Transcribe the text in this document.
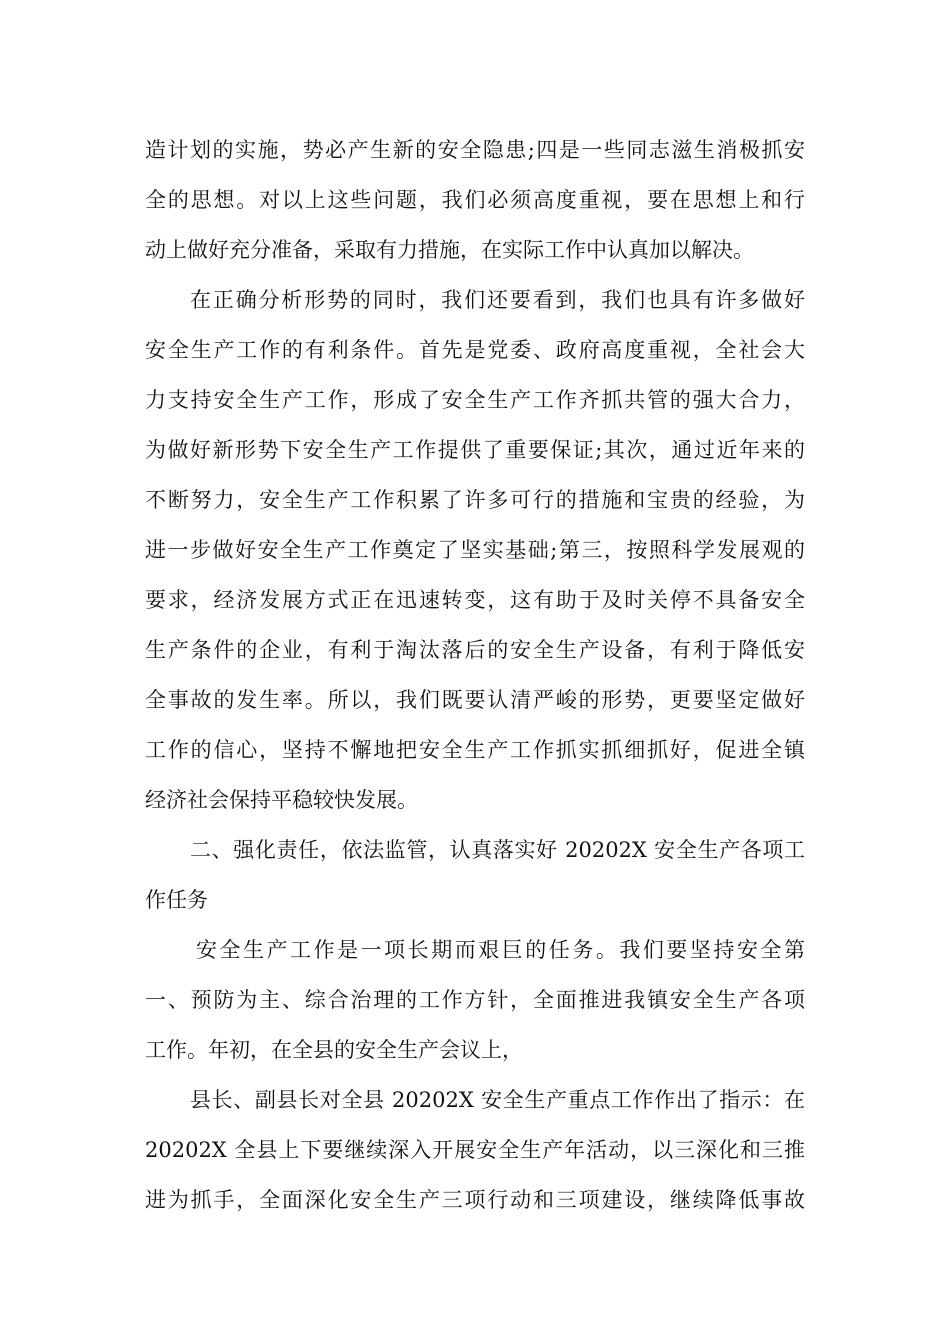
造计划的实施，势必产生新的安全隐患;四是一些同志滋生消极抓安
全的思想。对以上这些问题，我们必须高度重视，要在思想上和行
动上做好充分准备，采取有力措施，在实际工作中认真加以解决。
在正确分析形势的同时，我们还要看到，我们也具有许多做好
安全生产工作的有利条件。首先是党委、政府高度重视，全社会大
力支持安全生产工作，形成了安全生产工作齐抓共管的强大合力，
为做好新形势下安全生产工作提供了重要保证;其次，通过近年来的
不断努力，安全生产工作积累了许多可行的措施和宝贵的经验，为
进一步做好安全生产工作奠定了坚实基础;第三，按照科学发展观的
要求，经济发展方式正在迅速转变，这有助于及时关停不具备安全
生产条件的企业，有利于淘汰落后的安全生产设备，有利于降低安
全事故的发生率。所以，我们既要认清严峻的形势，更要坚定做好
工作的信心，坚持不懈地把安全生产工作抓实抓细抓好，促进全镇
经济社会保持平稳较快发展。
二、强化责任，依法监管，认真落实好 20202X 安全生产各项工
作任务
安全生产工作是一项长期而艰巨的任务。我们要坚持安全第
一、预防为主、综合治理的工作方针，全面推进我镇安全生产各项
工作。年初，在全县的安全生产会议上，
县长、副县长对全县 20202X 安全生产重点工作作出了指示：在
20202X 全县上下要继续深入开展安全生产年活动，以三深化和三推
进为抓手，全面深化安全生产三项行动和三项建设，继续降低事故
